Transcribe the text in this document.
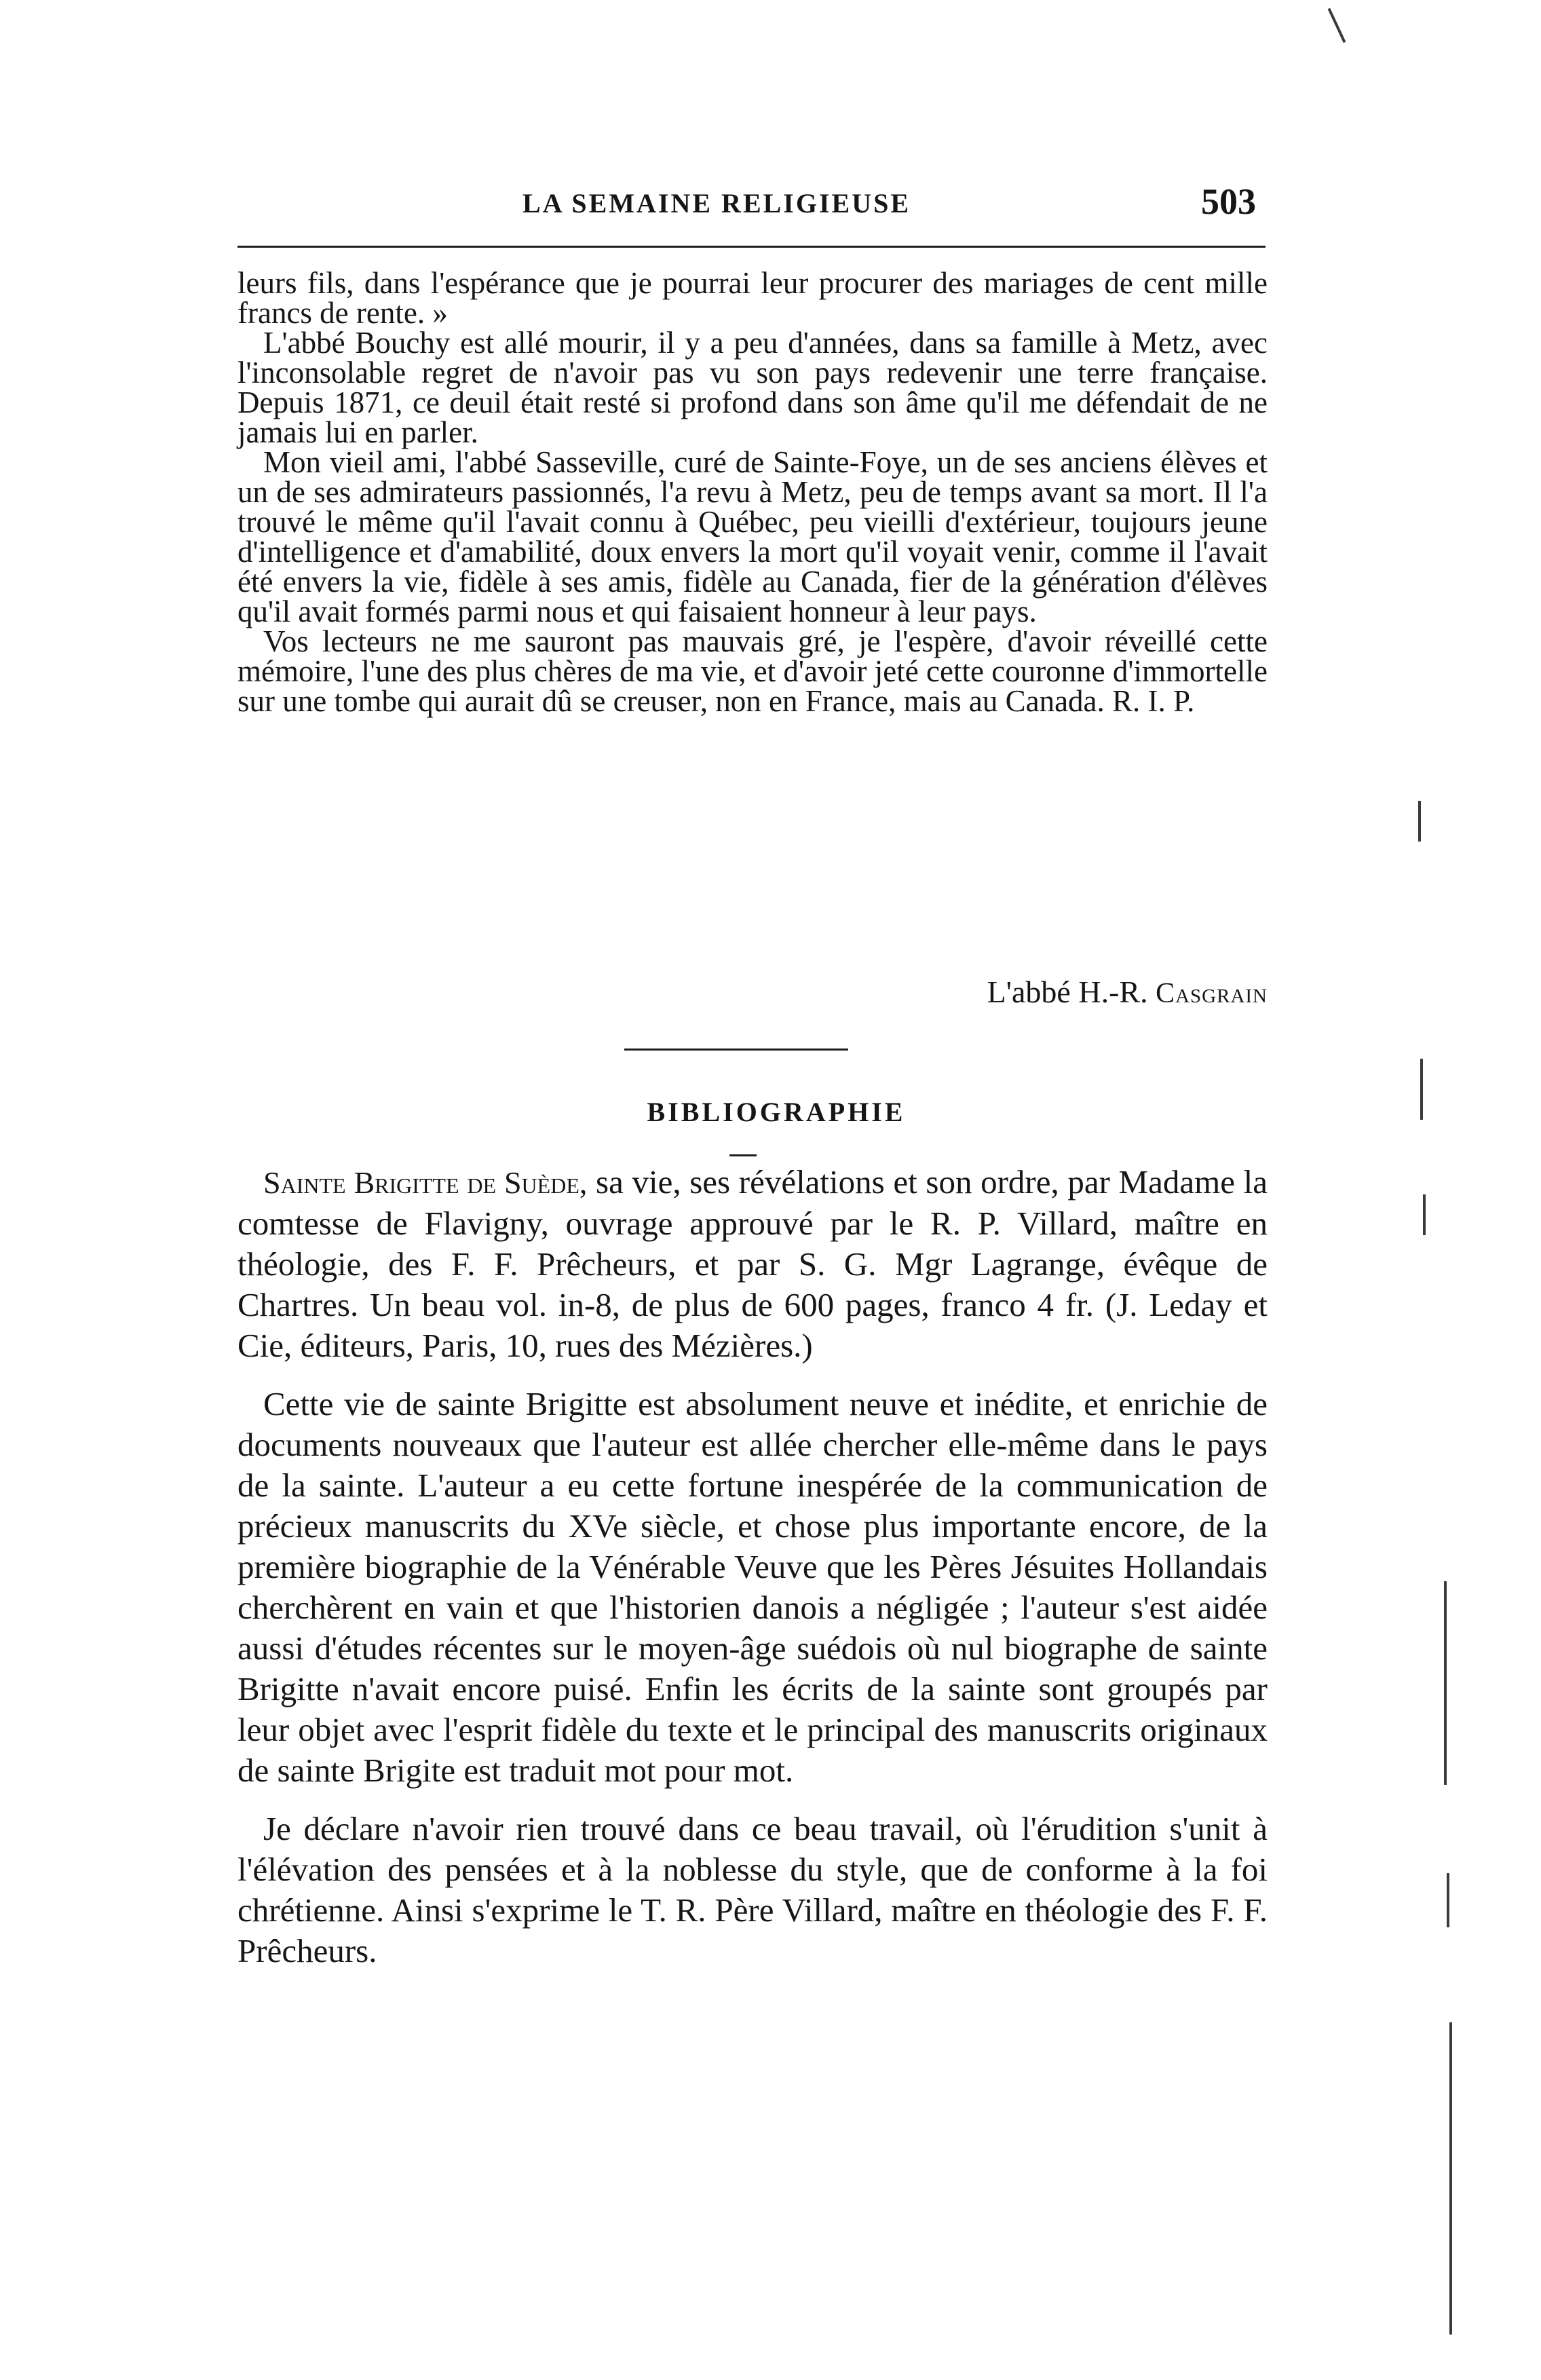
LA SEMAINE RELIGIEUSE	503

leurs fils, dans l'espérance que je pourrai leur procurer des mariages de cent mille francs de rente. »

L'abbé Bouchy est allé mourir, il y a peu d'années, dans sa famille à Metz, avec l'inconsolable regret de n'avoir pas vu son pays redevenir une terre française. Depuis 1871, ce deuil était resté si profond dans son âme qu'il me défendait de ne jamais lui en parler.

Mon vieil ami, l'abbé Sasseville, curé de Sainte-Foye, un de ses anciens élèves et un de ses admirateurs passionnés, l'a revu à Metz, peu de temps avant sa mort. Il l'a trouvé le même qu'il l'avait connu à Québec, peu vieilli d'extérieur, toujours jeune d'intelligence et d'amabilité, doux envers la mort qu'il voyait venir, comme il l'avait été envers la vie, fidèle à ses amis, fidèle au Canada, fier de la génération d'élèves qu'il avait formés parmi nous et qui faisaient honneur à leur pays.

Vos lecteurs ne me sauront pas mauvais gré, je l'espère, d'avoir réveillé cette mémoire, l'une des plus chères de ma vie, et d'avoir jeté cette couronne d'immortelle sur une tombe qui aurait dû se creuser, non en France, mais au Canada. R. I. P.

L'abbé H.-R. Casgrain
BIBLIOGRAPHIE

Sainte Brigitte de Suède, sa vie, ses révélations et son ordre, par Madame la comtesse de Flavigny, ouvrage approuvé par le R. P. Villard, maître en théologie, des F. F. Prêcheurs, et par S. G. Mgr Lagrange, évêque de Chartres. Un beau vol. in-8, de plus de 600 pages, franco 4 fr. (J. Leday et Cie, éditeurs, Paris, 10, rues des Mézières.)

Cette vie de sainte Brigitte est absolument neuve et inédite, et enrichie de documents nouveaux que l'auteur est allée chercher elle-même dans le pays de la sainte. L'auteur a eu cette fortune inespérée de la communication de précieux manuscrits du XVe siècle, et chose plus importante encore, de la première biographie de la Vénérable Veuve que les Pères Jésuites Hollandais cherchèrent en vain et que l'historien danois a négligée ; l'auteur s'est aidée aussi d'études récentes sur le moyen-âge suédois où nul biographe de sainte Brigitte n'avait encore puisé. Enfin les écrits de la sainte sont groupés par leur objet avec l'esprit fidèle du texte et le principal des manuscrits originaux de sainte Brigite est traduit mot pour mot.

Je déclare n'avoir rien trouvé dans ce beau travail, où l'érudition s'unit à l'élévation des pensées et à la noblesse du style, que de conforme à la foi chrétienne. Ainsi s'exprime le T. R. Père Villard, maître en théologie des F. F. Prêcheurs.
